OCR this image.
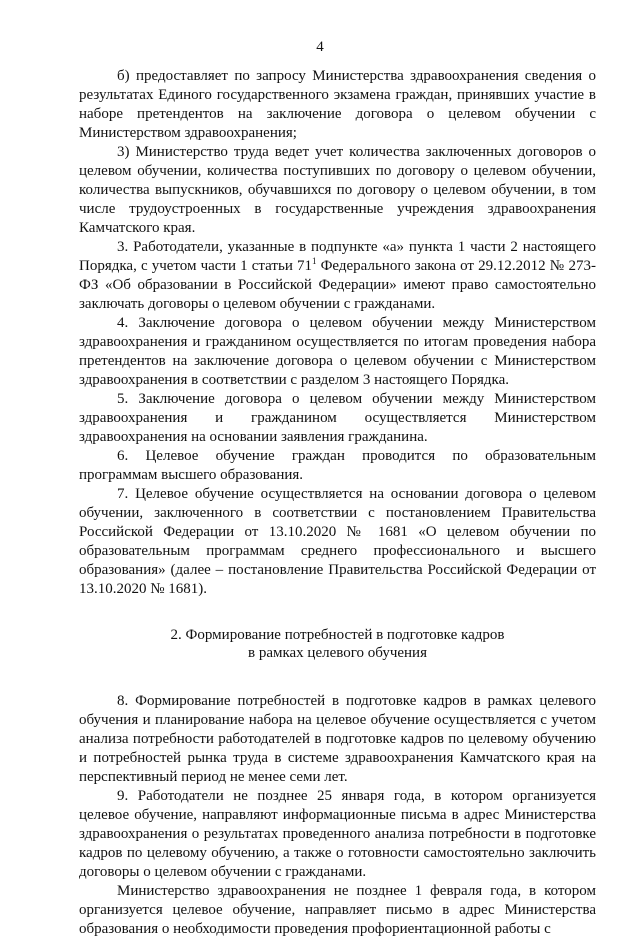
4

б) предоставляет по запросу Министерства здравоохранения сведения о результатах Единого государственного экзамена граждан, принявших участие в наборе претендентов на заключение договора о целевом обучении с Министерством здравоохранения;

3) Министерство труда ведет учет количества заключенных договоров о целевом обучении, количества поступивших по договору о целевом обучении, количества выпускников, обучавшихся по договору о целевом обучении, в том числе трудоустроенных в государственные учреждения здравоохранения Камчатского края.

3. Работодатели, указанные в подпункте «а» пункта 1 части 2 настоящего Порядка, с учетом части 1 статьи $71^1$ Федерального закона от 29.12.2012 № 273-ФЗ «Об образовании в Российской Федерации» имеют право самостоятельно заключать договоры о целевом обучении с гражданами.

4. Заключение договора о целевом обучении между Министерством здравоохранения и гражданином осуществляется по итогам проведения набора претендентов на заключение договора о целевом обучении с Министерством здравоохранения в соответствии с разделом 3 настоящего Порядка.

5. Заключение договора о целевом обучении между Министерством здравоохранения и гражданином осуществляется Министерством здравоохранения на основании заявления гражданина.

6. Целевое обучение граждан проводится по образовательным программам высшего образования.

7. Целевое обучение осуществляется на основании договора о целевом обучении, заключенного в соответствии с постановлением Правительства Российской Федерации от 13.10.2020 № 1681 «О целевом обучении по образовательным программам среднего профессионального и высшего образования» (далее – постановление Правительства Российской Федерации от 13.10.2020 № 1681).

2. Формирование потребностей в подготовке кадров
в рамках целевого обучения

8. Формирование потребностей в подготовке кадров в рамках целевого обучения и планирование набора на целевое обучение осуществляется с учетом анализа потребности работодателей в подготовке кадров по целевому обучению и потребностей рынка труда в системе здравоохранения Камчатского края на перспективный период не менее семи лет.

9. Работодатели не позднее 25 января года, в котором организуется целевое обучение, направляют информационные письма в адрес Министерства здравоохранения о результатах проведенного анализа потребности в подготовке кадров по целевому обучению, а также о готовности самостоятельно заключить договоры о целевом обучении с гражданами.

Министерство здравоохранения не позднее 1 февраля года, в котором организуется целевое обучение, направляет письмо в адрес Министерства образования о необходимости проведения профориентационной работы с
